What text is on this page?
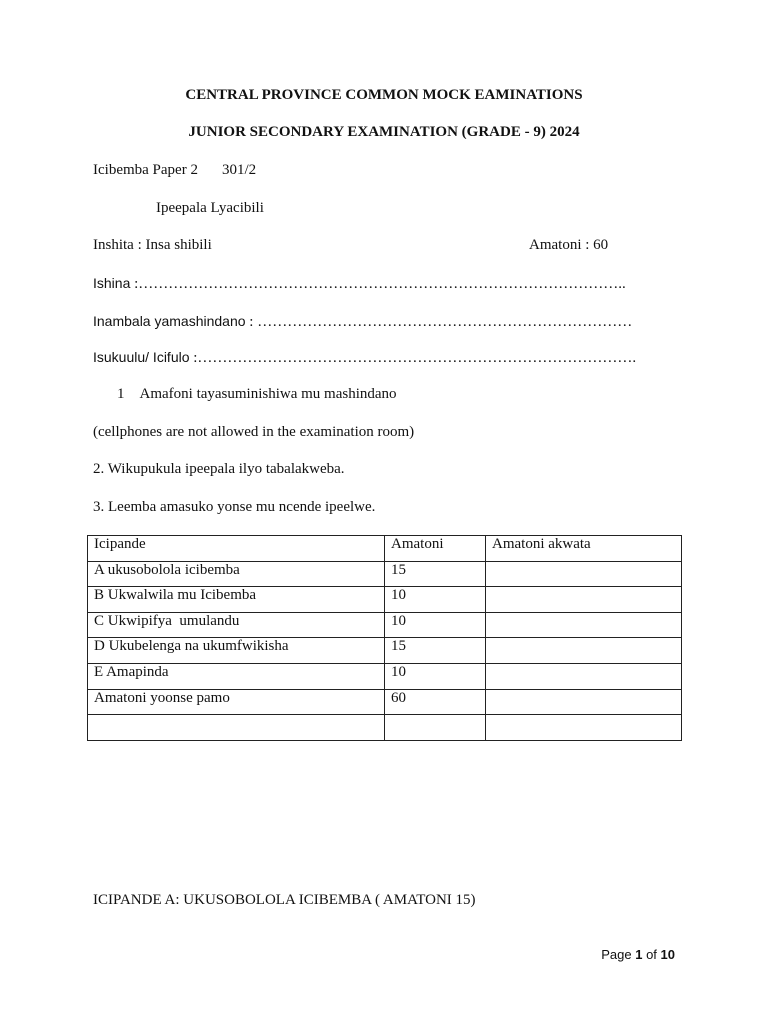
CENTRAL PROVINCE COMMON MOCK EAMINATIONS
JUNIOR SECONDARY EXAMINATION (GRADE - 9) 2024
Icibemba Paper 2 301/2
Ipeepala Lyacibili
Inshita : Insa shibili	Amatoni : 60
Ishina :……………………………………………………………………………………..
Inambala yamashindano : …………………………………………………………………
Isukuulu/ Icifulo :…………………………………………………………………………….
1 Amafoni tayasuminishiwa mu mashindano
(cellphones are not allowed in the examination room)
2. Wikupukula ipeepala ilyo tabalakweba.
3. Leemba amasuko yonse mu ncende ipeelwe.
Icipande	Amatoni	Amatoni akwata
A ukusobolola icibemba	15	
B Ukwalwila mu Icibemba	10	
C Ukwipifya  umulandu	10	
D Ukubelenga na ukumfwikisha	15	
E Amapinda	10	
Amatoni yoonse pamo	60	

ICIPANDE A: UKUSOBOLOLA ICIBEMBA ( AMATONI 15)
Page 1 of 10
